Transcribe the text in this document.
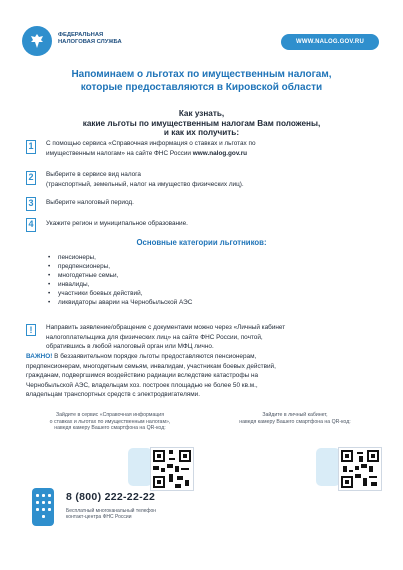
ФЕДЕРАЛЬНАЯ
НАЛОГОВАЯ СЛУЖБА	WWW.NALOG.GOV.RU
Напоминаем о льготах по имущественным налогам,
которые предоставляются в Кировской области
Как узнать,
какие льготы по имущественным налогам Вам положены,
и как их получить:
1	С помощью сервиса «Справочная информация о ставках и льготах по
имущественным налогам» на сайте ФНС России www.nalog.gov.ru
2	Выберите в сервисе вид налога
(транспортный, земельный, налог на имущество физических лиц).
3	Выберите налоговый период.
4	Укажите регион и муниципальное образование.
Основные категории льготников:
• пенсионеры,
• предпенсионеры,
• многодетные семьи,
• инвалиды,
• участники боевых действий,
• ликвидаторы аварии на Чернобыльской АЭС
!	Направить заявление/обращение с документами можно через «Личный кабинет
налогоплательщика для физических лиц» на сайте ФНС России, почтой,
обратившись в любой налоговый орган или МФЦ лично.
ВАЖНО! В беззаявительном порядке льготы предоставляются пенсионерам,
предпенсионерам, многодетным семьям, инвалидам, участникам боевых действий,
гражданам, подвергшимся воздействию радиации вследствие катастрофы на
Чернобыльской АЭС, владельцам хоз. построек площадью не более 50 кв.м.,
владельцам транспортных средств с электродвигателями.
Зайдите в сервис «Справочная информация
о ставках и льготах по имущественным налогам»,
наведя камеру Вашего смартфона на QR-код:
Зайдите в личный кабинет,
наведя камеру Вашего смартфона на QR-код:
8 (800) 222-22-22
Бесплатный многоканальный телефон
контакт-центра ФНС России
